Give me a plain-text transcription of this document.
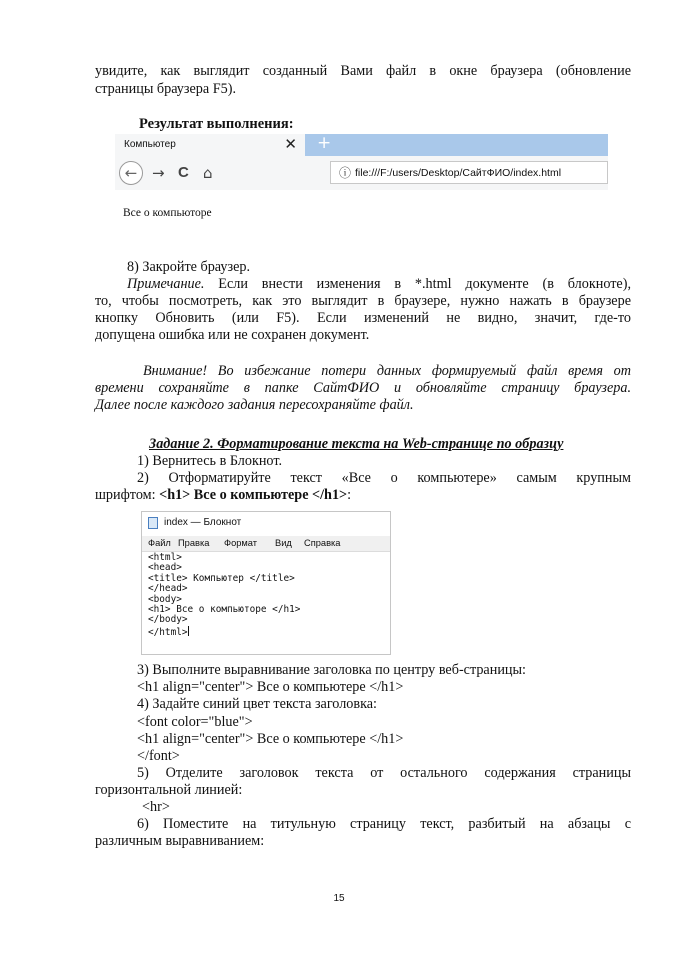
увидите, как выглядит созданный Вами файл в окне браузера (обновление

страницы браузера F5).

Результат выполнения:

Компьютер	✕ +
← → C ⌂	ⓘ file:///F:/users/Desktop/СайтФИО/index.html
Все о компьюторе

8) Закройте браузер.

Примечание. Если внести изменения в *.html документе (в блокноте),

то, чтобы посмотреть, как это выглядит в браузере, нужно нажать в браузере

кнопку Обновить (или F5). Если изменений не видно, значит, где-то

допущена ошибка или не сохранен документ.

Внимание! Во избежание потери данных формируемый файл время от

времени сохраняйте в папке СайтФИО и обновляйте страницу браузера.

Далее после каждого задания пересохраняйте файл.

Задание 2. Форматирование текста на Web-странице по образцу

1) Вернитесь в Блокнот.

2) Отформатируйте текст «Все о компьютере» самым крупным

шрифтом: <h1> Все о компьютере </h1>:

index — Блокнот
Файл Правка Формат Вид Справка
<html>
<head>
<title> Компьютер </title>
</head>
<body>
<h1> Все о компьюторе </h1>
</body>
</html>

3) Выполните выравнивание заголовка по центру веб-страницы:

<h1 align="center"> Все о компьютере </h1>

4) Задайте синий цвет текста заголовка:

<font color="blue">

<h1 align="center"> Все о компьютере </h1>

</font>

5) Отделите заголовок текста от остального содержания страницы

горизонтальной линией:

<hr>

6) Поместите на титульную страницу текст, разбитый на абзацы с

различным выравниванием:

15
